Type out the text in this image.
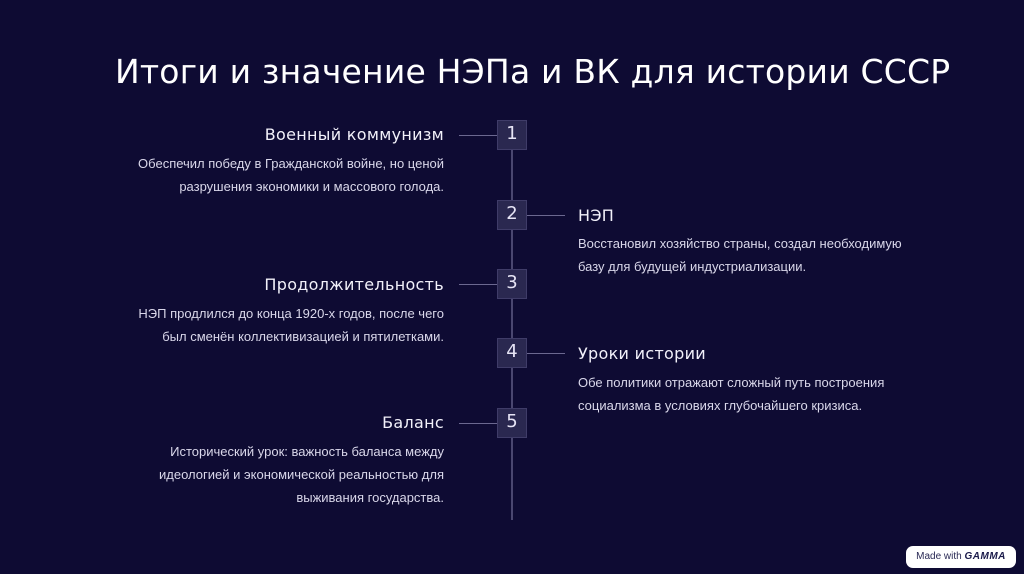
Итоги и значение НЭПа и ВК для истории СССР
1
Военный коммунизм
Обеспечил победу в Гражданской войне, но ценой разрушения экономики и массового голода.
2	НЭП
Восстановил хозяйство страны, создал необходимую базу для будущей индустриализации.
3
Продолжительность
НЭП продлился до конца 1920-х годов, после чего был сменён коллективизацией и пятилетками.
4	Уроки истории
Обе политики отражают сложный путь построения социализма в условиях глубочайшего кризиса.
5
Баланс
Исторический урок: важность баланса между идеологией и экономической реальностью для выживания государства.
Made with GAMMA
